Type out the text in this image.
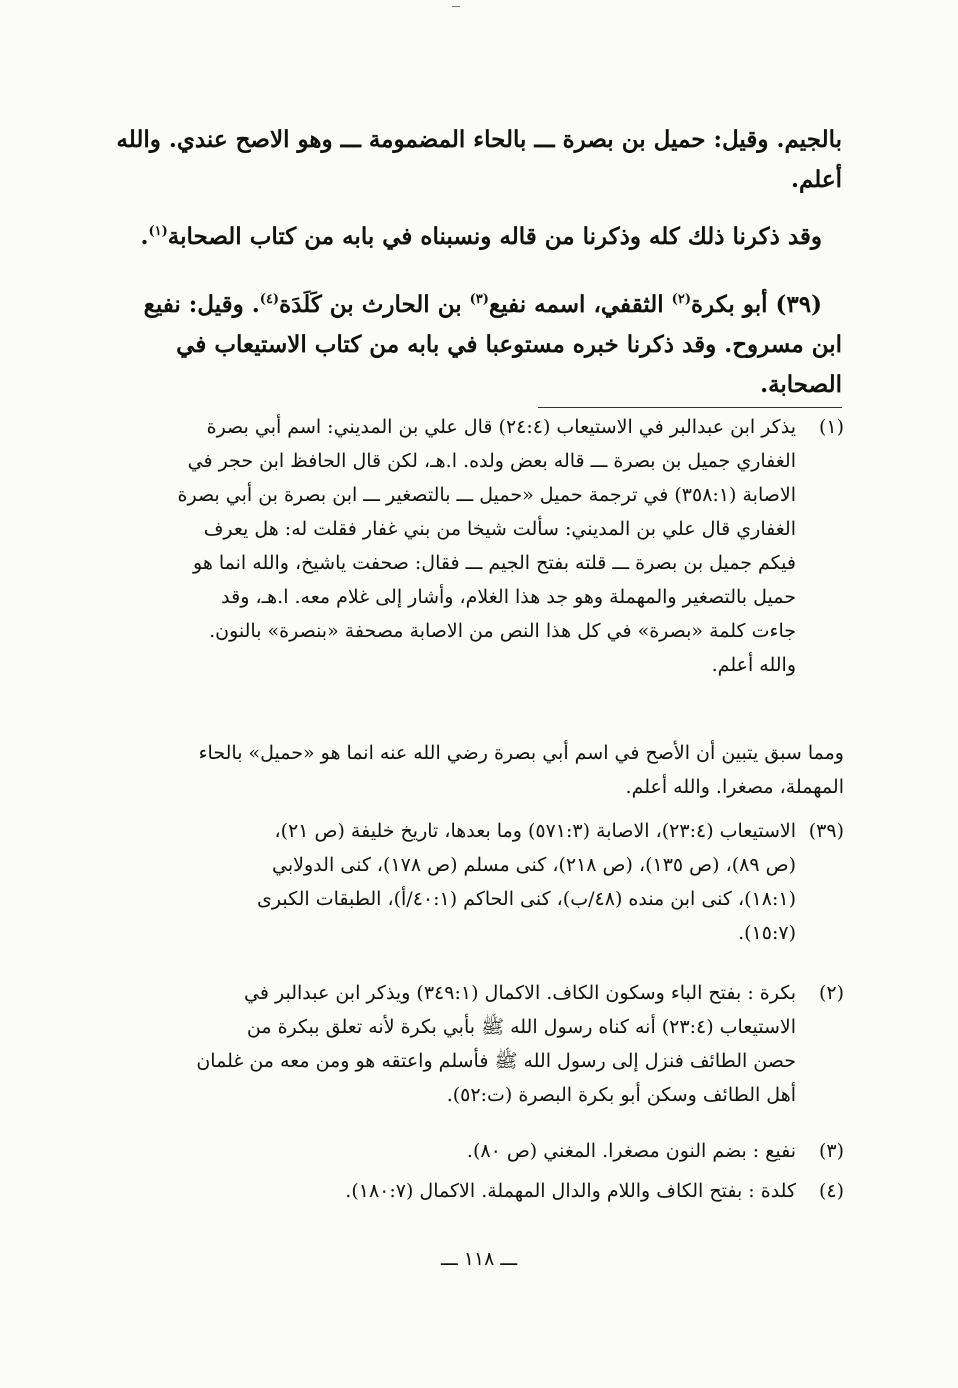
بالجيم. وقيل: حميل بن بصرة ـــ بالحاء المضمومة ـــ وهو الاصح عندي. والله
أعلم.
وقد ذكرنا ذلك كله وذكرنا من قاله ونسبناه في بابه من كتاب الصحابة$^{(١)}$.
(٣٩) أبو بكرة$^{(٢)}$ الثقفي، اسمه نفيع$^{(٣)}$ بن الحارث بن كَلَدَة$^{(٤)}$. وقيل: نفيع
ابن مسروح. وقد ذكرنا خبره مستوعبا في بابه من كتاب الاستيعاب في
الصحابة.
(١)
يذكر ابن عبدالبر في الاستيعاب (٢٤:٤) قال علي بن المديني: اسم أبي بصرة
الغفاري جميل بن بصرة ـــ قاله بعض ولده. ا.هـ، لكن قال الحافظ ابن حجر في
الاصابة (٣٥٨:١) في ترجمة حميل «حميل ـــ بالتصغير ـــ ابن بصرة بن أبي بصرة
الغفاري قال علي بن المديني: سألت شيخا من بني غفار فقلت له: هل يعرف
فيكم جميل بن بصرة ـــ قلته بفتح الجيم ـــ فقال: صحفت ياشيخ، والله انما هو
حميل بالتصغير والمهملة وهو جد هذا الغلام، وأشار إلى غلام معه. ا.هـ، وقد
جاءت كلمة «بصرة» في كل هذا النص من الاصابة مصحفة «بنصرة» بالنون.
والله أعلم.
ومما سبق يتبين أن الأصح في اسم أبي بصرة رضي الله عنه انما هو «حميل» بالحاء
المهملة، مصغرا. والله أعلم.
(٣٩)
الاستيعاب (٢٣:٤)، الاصابة (٥٧١:٣) وما بعدها، تاريخ خليفة (ص ٢١)،
(ص ٨٩)، (ص ١٣٥)، (ص ٢١٨)، كنى مسلم (ص ١٧٨)، كنى الدولابي
(١٨:١)، كنى ابن منده (٤٨/ب)، كنى الحاكم (٤٠:١/أ)، الطبقات الكبرى
(١٥:٧).
(٢)
بكرة : بفتح الباء وسكون الكاف. الاكمال (٣٤٩:١) ويذكر ابن عبدالبر في
الاستيعاب (٢٣:٤) أنه كناه رسول الله ﷺ بأبي بكرة لأنه تعلق ببكرة من
حصن الطائف فنزل إلى رسول الله ﷺ فأسلم واعتقه هو ومن معه من غلمان
أهل الطائف وسكن أبو بكرة البصرة (ت:٥٢).
(٣)
نفيع : بضم النون مصغرا. المغني (ص ٨٠).
(٤)
كلدة : بفتح الكاف واللام والدال المهملة. الاكمال (١٨٠:٧).
ـــ ١١٨ ـــ
